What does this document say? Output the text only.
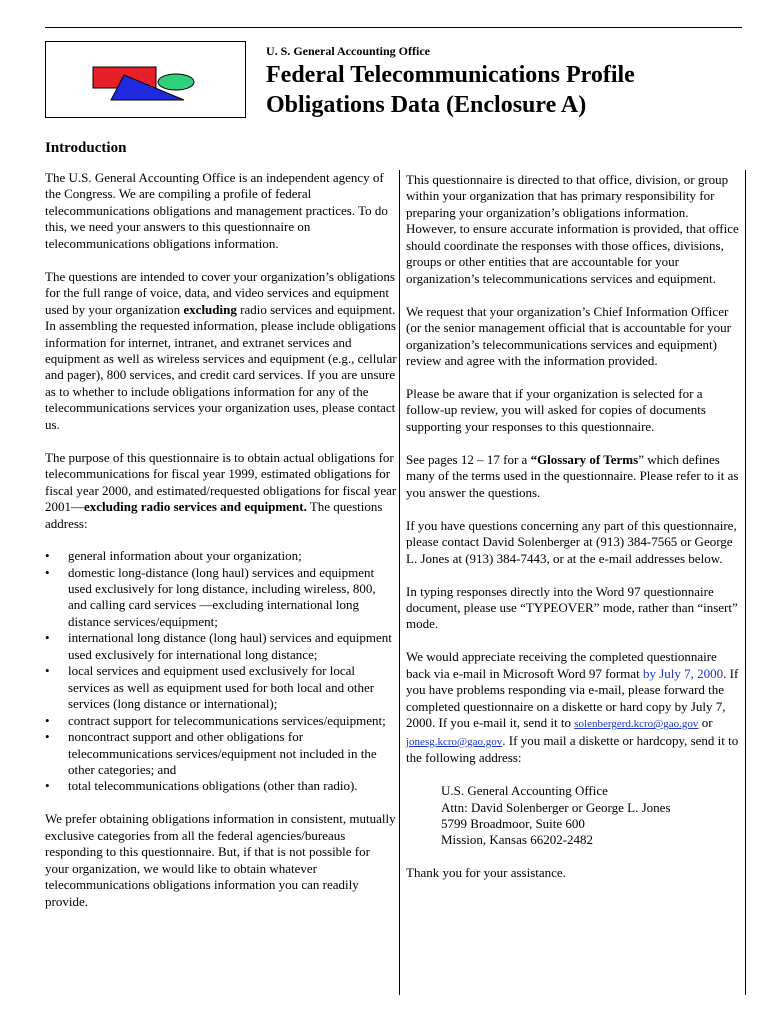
U. S. General Accounting Office
Federal Telecommunications Profile
Obligations Data (Enclosure A)
Introduction

The U.S. General Accounting Office is an independent agency of the Congress. We are compiling a profile of federal telecommunications obligations and management practices. To do this, we need your answers to this questionnaire on telecommunications obligations information.

The questions are intended to cover your organization’s obligations for the full range of voice, data, and video services and equipment used by your organization excluding radio services and equipment. In assembling the requested information, please include obligations information for internet, intranet, and extranet services and equipment as well as wireless services and equipment (e.g., cellular and pager), 800 services, and credit card services. If you are unsure as to whether to include obligations information for any of the telecommunications services your organization uses, please contact us.

The purpose of this questionnaire is to obtain actual obligations for telecommunications for fiscal year 1999, estimated obligations for fiscal year 2000, and estimated/requested obligations for fiscal year 2001—excluding radio services and equipment. The questions address:

• general information about your organization;
• domestic long-distance (long haul) services and equipment used exclusively for long distance, including wireless, 800, and calling card services —excluding international long distance services/equipment;
• international long distance (long haul) services and equipment used exclusively for international long distance;
• local services and equipment used exclusively for local services as well as equipment used for both local and other services (long distance or international);
• contract support for telecommunications services/equipment;
• noncontract support and other obligations for telecommunications services/equipment not included in the other categories; and
• total telecommunications obligations (other than radio).

We prefer obtaining obligations information in consistent, mutually exclusive categories from all the federal agencies/bureaus responding to this questionnaire. But, if that is not possible for your organization, we would like to obtain whatever telecommunications obligations information you can readily provide.

This questionnaire is directed to that office, division, or group within your organization that has primary responsibility for preparing your organization’s obligations information. However, to ensure accurate information is provided, that office should coordinate the responses with those offices, divisions, groups or other entities that are accountable for your organization’s telecommunications services and equipment.

We request that your organization’s Chief Information Officer (or the senior management official that is accountable for your organization’s telecommunications services and equipment) review and agree with the information provided.

Please be aware that if your organization is selected for a follow-up review, you will asked for copies of documents supporting your responses to this questionnaire.

See pages 12 – 17 for a “Glossary of Terms” which defines many of the terms used in the questionnaire. Please refer to it as you answer the questions.

If you have questions concerning any part of this questionnaire, please contact David Solenberger at (913) 384-7565 or George L. Jones at (913) 384-7443, or at the e-mail addresses below.

In typing responses directly into the Word 97 questionnaire document, please use “TYPEOVER” mode, rather than “insert” mode.

We would appreciate receiving the completed questionnaire back via e-mail in Microsoft Word 97 format by July 7, 2000. If you have problems responding via e-mail, please forward the completed questionnaire on a diskette or hard copy by July 7, 2000. If you e-mail it, send it to solenbergerd.kcro@gao.gov or jonesg.kcro@gao.gov. If you mail a diskette or hardcopy, send it to the following address:

U.S. General Accounting Office
Attn: David Solenberger or George L. Jones
5799 Broadmoor, Suite 600
Mission, Kansas 66202-2482

Thank you for your assistance.
